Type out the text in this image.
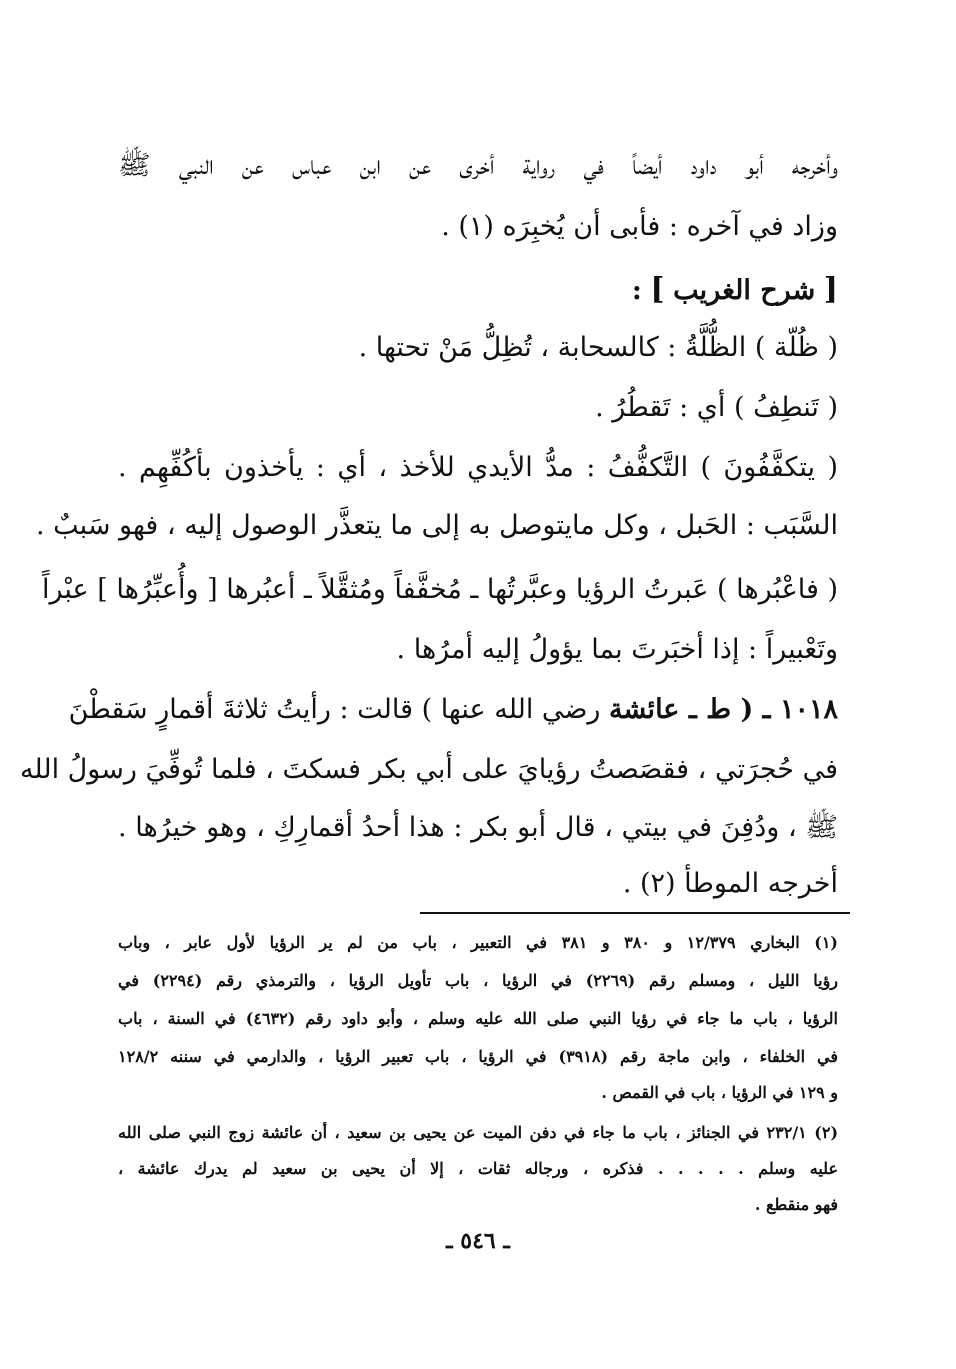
وأخرجه أبو داود أيضاً في رواية أخرى عن ابن عباس عن النبي ﷺ
وزاد في آخره : فأبى أن يُخبِرَه (١) .
[ شرح الغريب ] :
( ظُلّة ) الظُّلَّةُ : كالسحابة ، تُظِلُّ مَنْ تحتها .
( تَنطِفُ ) أي : تَقطُرُ .
( يتكفَّفُونَ ) التَّكفُّفُ : مدُّ الأيدي للأخذ ، أي : يأخذون بأكُفِّهِم .
السَّبَب : الحَبل ، وكل مايتوصل به إلى ما يتعذَّر الوصول إليه ، فهو سَببٌ .
( فاعْبُرها ) عَبرتُ الرؤيا وعبَّرتُها ـ مُخفَّفاً ومُثقَّلاً ـ أعبُرها [ وأُعبِّرُها ] عبْراً
وتَعْبيراً : إذا أخبَرتَ بما يؤولُ إليه أمرُها .
١٠١٨ ـ ( ط ـ عائشة رضي الله عنها ) قالت : رأيتُ ثلاثةَ أقمارٍ سَقطْنَ
في حُجرَتي ، فقصَصتُ رؤيايَ على أبي بكر فسكتَ ، فلما تُوفِّيَ رسولُ الله
ﷺ ، ودُفِنَ في بيتي ، قال أبو بكر : هذا أحدُ أقمارِكِ ، وهو خيرُها .
أخرجه الموطأ (٢) .
(١) البخاري ١٢/٣٧٩ و ٣٨٠ و ٣٨١ في التعبير ، باب من لم ير الرؤيا لأول عابر ، وباب
رؤيا الليل ، ومسلم رقم (٢٢٦٩) في الرؤيا ، باب تأويل الرؤيا ، والترمذي رقم (٢٢٩٤) في
الرؤيا ، باب ما جاء في رؤيا النبي صلى الله عليه وسلم ، وأبو داود رقم (٤٦٣٢) في السنة ، باب
في الخلفاء ، وابن ماجة رقم (٣٩١٨) في الرؤيا ، باب تعبير الرؤيا ، والدارمي في سننه ١٢٨/٢
و ١٢٩ في الرؤيا ، باب في القمص .
(٢) ٢٣٢/١ في الجنائز ، باب ما جاء في دفن الميت عن يحيى بن سعيد ، أن عائشة زوج النبي صلى الله
عليه وسلم . . . . . فذكره ، ورجاله ثقات ، إلا أن يحيى بن سعيد لم يدرك عائشة ،
فهو منقطع .
ـ ٥٤٦ ـ
